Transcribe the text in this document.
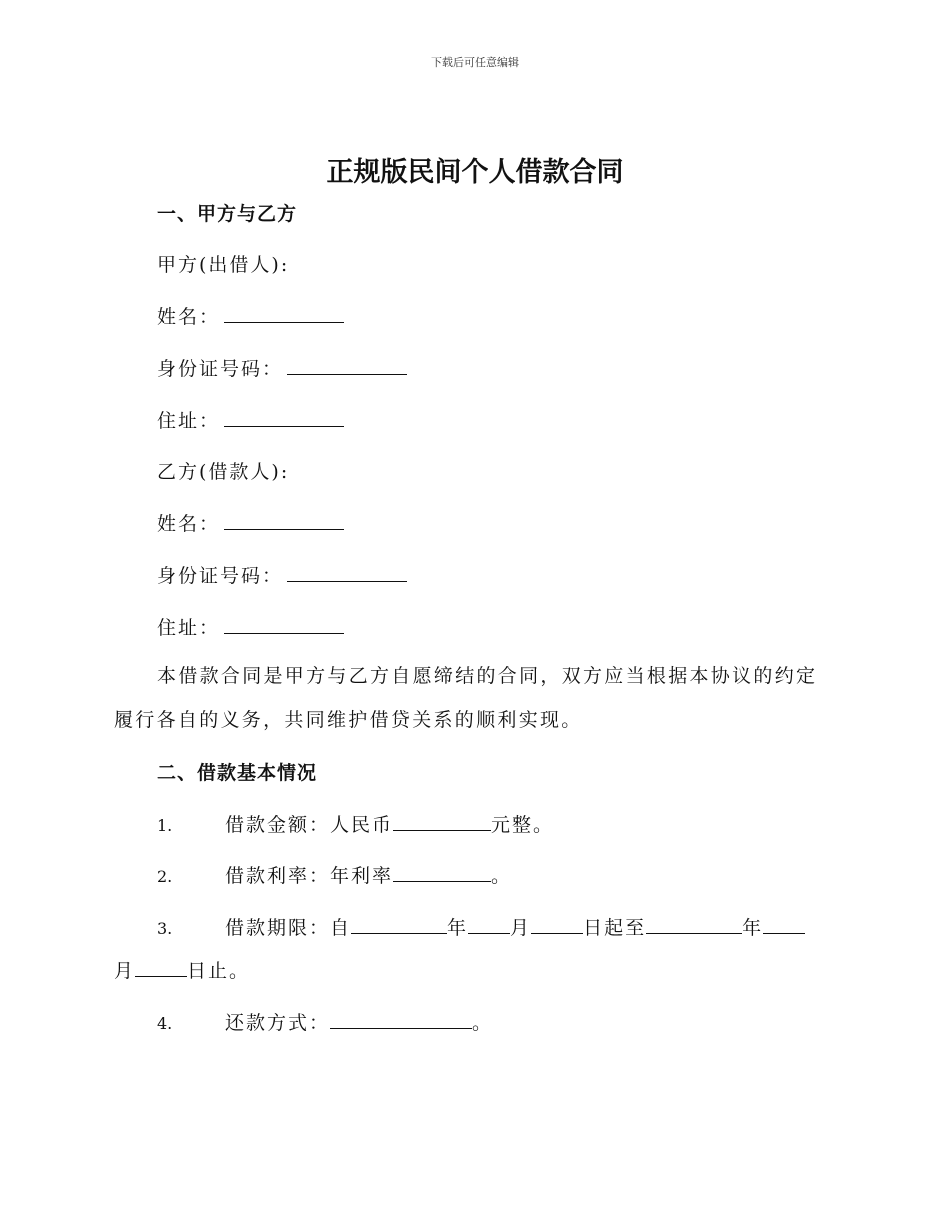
下载后可任意编辑
正规版民间个人借款合同
一、甲方与乙方
甲方(出借人):
姓名：
身份证号码：
住址：
乙方(借款人):
姓名：
身份证号码：
住址：
本借款合同是甲方与乙方自愿缔结的合同，双方应当根据本协议的约定履行各自的义务，共同维护借贷关系的顺利实现。
二、借款基本情况
1.	借款金额：人民币	元整。
2.	借款利率：年利率	。
3.	借款期限：自	年 月	日起至	年
月	日止。
4.	还款方式：	。
